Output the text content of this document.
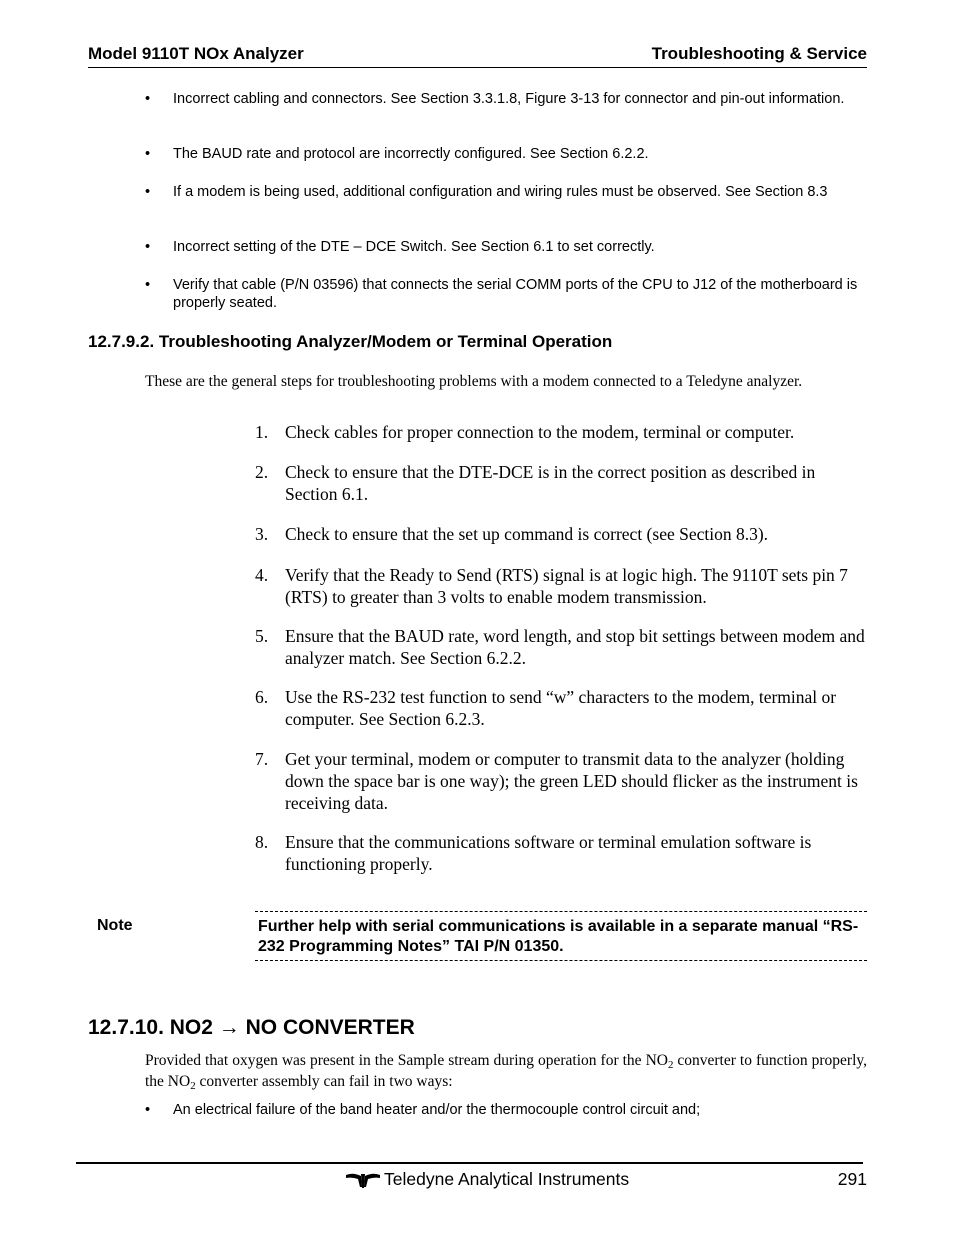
Model 9110T NOx Analyzer	Troubleshooting & Service
• Incorrect cabling and connectors. See Section 3.3.1.8, Figure 3-13 for connector and pin-out information.
• The BAUD rate and protocol are incorrectly configured. See Section 6.2.2.
• If a modem is being used, additional configuration and wiring rules must be observed. See Section 8.3
• Incorrect setting of the DTE – DCE Switch. See Section 6.1 to set correctly.
• Verify that cable (P/N 03596) that connects the serial COMM ports of the CPU to J12 of the motherboard is properly seated.
12.7.9.2. Troubleshooting Analyzer/Modem or Terminal Operation
These are the general steps for troubleshooting problems with a modem connected to a Teledyne analyzer.
1. Check cables for proper connection to the modem, terminal or computer.
2. Check to ensure that the DTE-DCE is in the correct position as described in Section 6.1.
3. Check to ensure that the set up command is correct (see Section 8.3).
4. Verify that the Ready to Send (RTS) signal is at logic high. The 9110T sets pin 7 (RTS) to greater than 3 volts to enable modem transmission.
5. Ensure that the BAUD rate, word length, and stop bit settings between modem and analyzer match. See Section 6.2.2.
6. Use the RS-232 test function to send “w” characters to the modem, terminal or computer. See Section 6.2.3.
7. Get your terminal, modem or computer to transmit data to the analyzer (holding down the space bar is one way); the green LED should flicker as the instrument is receiving data.
8. Ensure that the communications software or terminal emulation software is functioning properly.
Note	Further help with serial communications is available in a separate manual “RS-232 Programming Notes” TAI P/N 01350.
12.7.10. NO2 → NO CONVERTER
Provided that oxygen was present in the Sample stream during operation for the $NO_2$ converter to function properly, the $NO_2$ converter assembly can fail in two ways:
• An electrical failure of the band heater and/or the thermocouple control circuit and;
Teledyne Analytical Instruments	291
